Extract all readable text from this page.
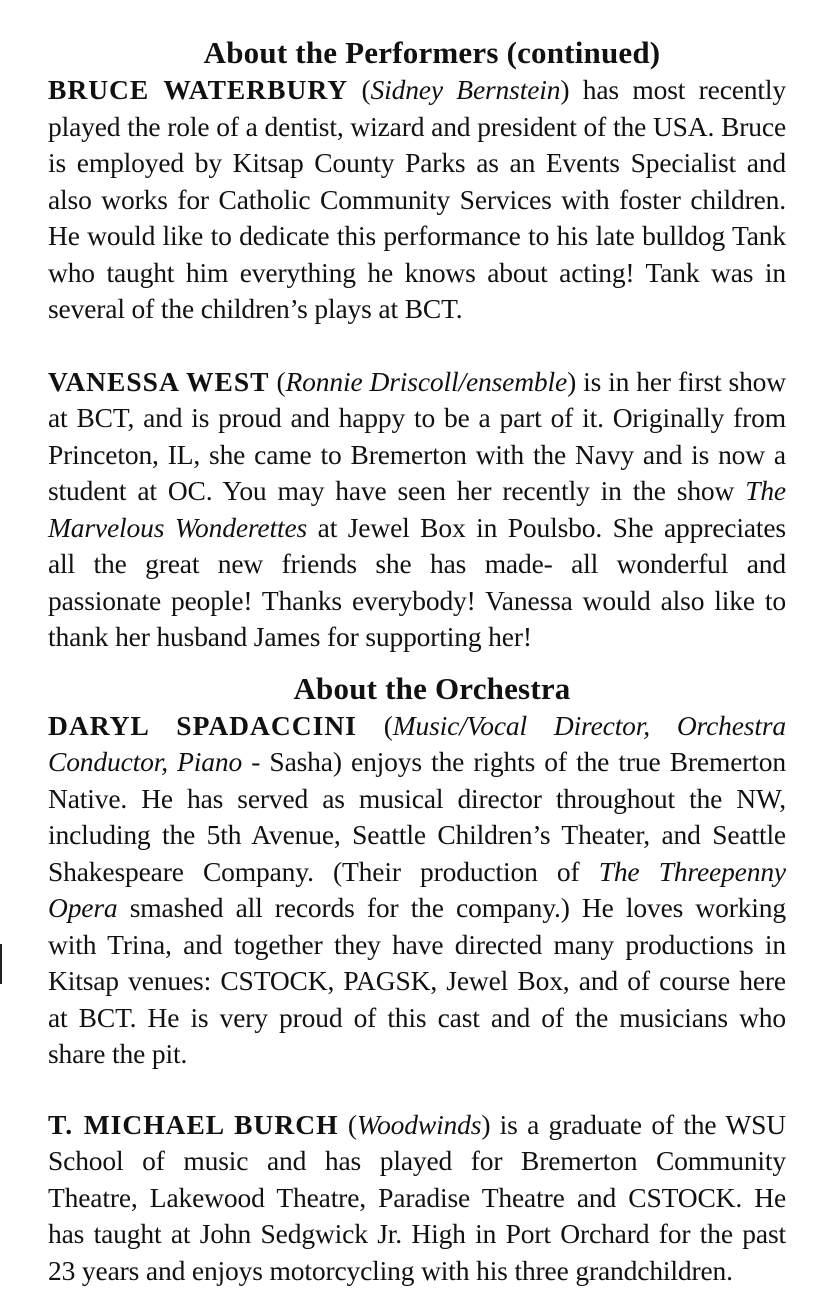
About the Performers (continued)

BRUCE WATERBURY (Sidney Bernstein) has most recently played the role of a dentist, wizard and president of the USA. Bruce is employed by Kitsap County Parks as an Events Specialist and also works for Catholic Community Services with foster children. He would like to dedicate this performance to his late bulldog Tank who taught him everything he knows about acting! Tank was in several of the children’s plays at BCT.

VANESSA WEST (Ronnie Driscoll/ensemble) is in her first show at BCT, and is proud and happy to be a part of it. Originally from Princeton, IL, she came to Bremerton with the Navy and is now a student at OC. You may have seen her recently in the show The Marvelous Wonderettes at Jewel Box in Poulsbo. She appreciates all the great new friends she has made- all wonderful and passionate people! Thanks everybody! Vanessa would also like to thank her husband James for supporting her!

About the Orchestra

DARYL SPADACCINI (Music/Vocal Director, Orchestra Conductor, Piano - Sasha) enjoys the rights of the true Bremerton Native. He has served as musical director throughout the NW, including the 5th Avenue, Seattle Children’s Theater, and Seattle Shakespeare Company. (Their production of The Threepenny Opera smashed all records for the company.) He loves working with Trina, and together they have directed many productions in Kitsap venues: CSTOCK, PAGSK, Jewel Box, and of course here at BCT. He is very proud of this cast and of the musicians who share the pit.

T. MICHAEL BURCH (Woodwinds) is a graduate of the WSU School of music and has played for Bremerton Community Theatre, Lakewood Theatre, Paradise Theatre and CSTOCK. He has taught at John Sedgwick Jr. High in Port Orchard for the past 23 years and enjoys motorcycling with his three grandchildren.
